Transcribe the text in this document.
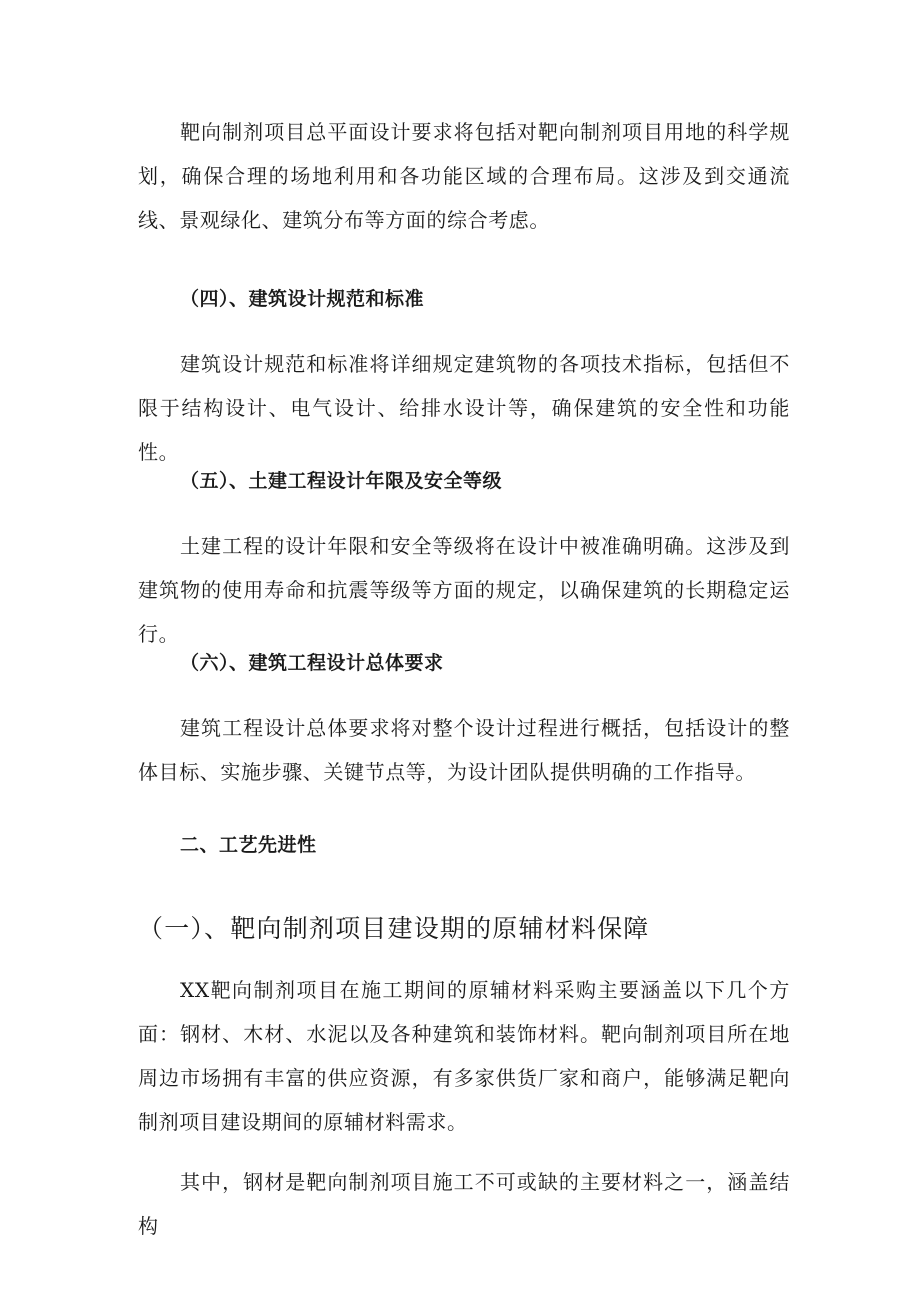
靶向制剂项目总平面设计要求将包括对靶向制剂项目用地的科学规划，确保合理的场地利用和各功能区域的合理布局。这涉及到交通流线、景观绿化、建筑分布等方面的综合考虑。

（四）、建筑设计规范和标准

建筑设计规范和标准将详细规定建筑物的各项技术指标，包括但不限于结构设计、电气设计、给排水设计等，确保建筑的安全性和功能性。

（五）、土建工程设计年限及安全等级

土建工程的设计年限和安全等级将在设计中被准确明确。这涉及到建筑物的使用寿命和抗震等级等方面的规定，以确保建筑的长期稳定运行。

（六）、建筑工程设计总体要求

建筑工程设计总体要求将对整个设计过程进行概括，包括设计的整体目标、实施步骤、关键节点等，为设计团队提供明确的工作指导。

二、工艺先进性
（一）、靶向制剂项目建设期的原辅材料保障

XX靶向制剂项目在施工期间的原辅材料采购主要涵盖以下几个方面：钢材、木材、水泥以及各种建筑和装饰材料。靶向制剂项目所在地周边市场拥有丰富的供应资源，有多家供货厂家和商户，能够满足靶向制剂项目建设期间的原辅材料需求。

其中，钢材是靶向制剂项目施工不可或缺的主要材料之一，涵盖结构
